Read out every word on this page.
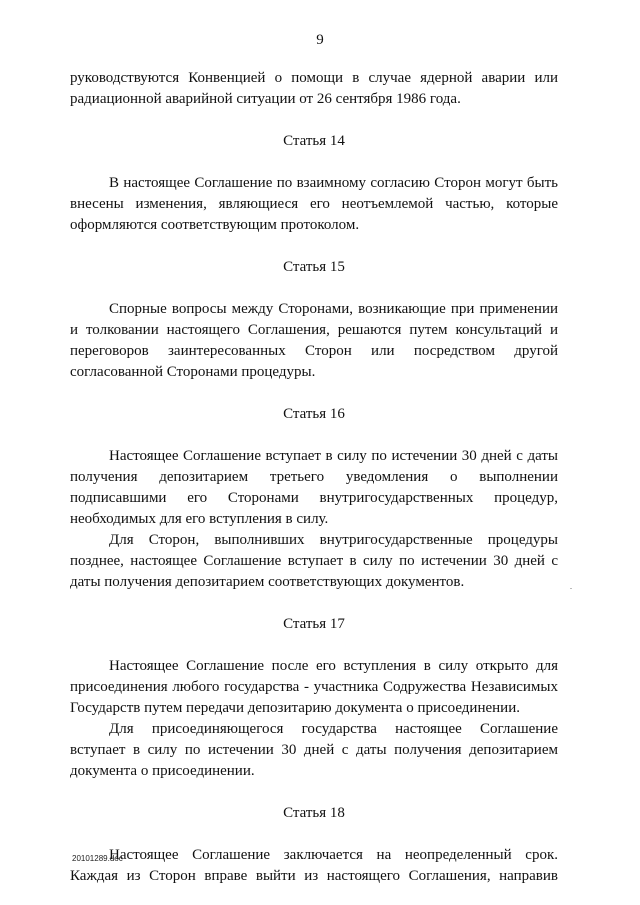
9

руководствуются Конвенцией о помощи в случае ядерной аварии или

радиационной аварийной ситуации от 26 сентября 1986 года.

Статья 14

В настоящее Соглашение по взаимному согласию Сторон могут быть внесены изменения, являющиеся его неотъемлемой частью, которые оформляются соответствующим протоколом.

Статья 15

Спорные вопросы между Сторонами, возникающие при применении и толковании настоящего Соглашения, решаются путем консультаций и переговоров заинтересованных Сторон или посредством другой согласованной Сторонами процедуры.

Статья 16

Настоящее Соглашение вступает в силу по истечении 30 дней с даты получения депозитарием третьего уведомления о выполнении подписавшими его Сторонами внутригосударственных процедур, необходимых для его вступления в силу.

Для Сторон, выполнивших внутригосударственные процедуры позднее, настоящее Соглашение вступает в силу по истечении 30 дней с даты получения депозитарием соответствующих документов.

Статья 17

Настоящее Соглашение после его вступления в силу открыто для присоединения любого государства - участника Содружества Независимых Государств путем передачи депозитарию документа о присоединении.

Для присоединяющегося государства настоящее Соглашение вступает в силу по истечении 30 дней с даты получения депозитарием документа о присоединении.

Статья 18

Настоящее Соглашение заключается на неопределенный срок. Каждая из Сторон вправе выйти из настоящего Соглашения, направив

20101289.doc
